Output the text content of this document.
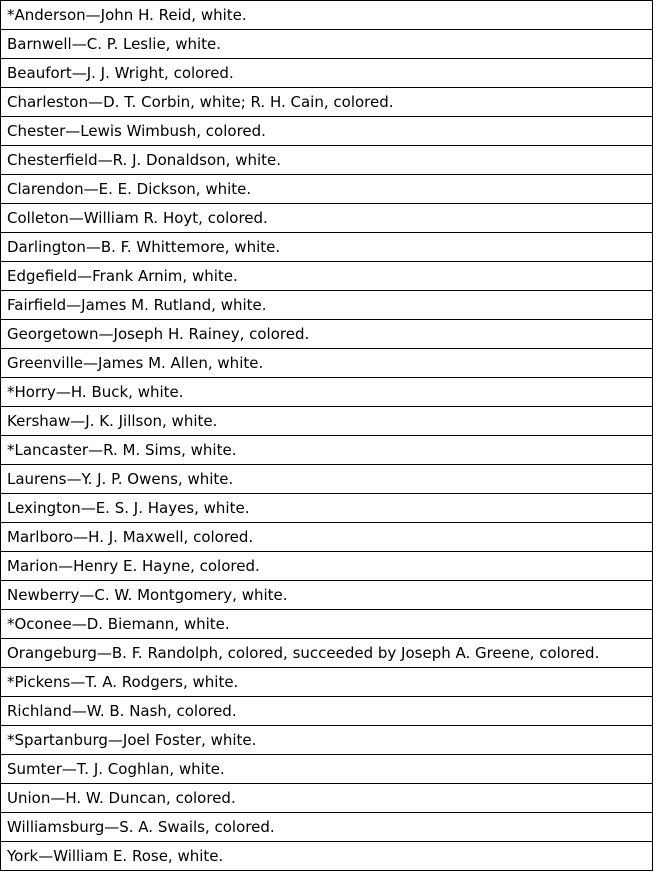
*Anderson—John H. Reid, white.
Barnwell—C. P. Leslie, white.
Beaufort—J. J. Wright, colored.
Charleston—D. T. Corbin, white; R. H. Cain, colored.
Chester—Lewis Wimbush, colored.
Chesterfield—R. J. Donaldson, white.
Clarendon—E. E. Dickson, white.
Colleton—William R. Hoyt, colored.
Darlington—B. F. Whittemore, white.
Edgefield—Frank Arnim, white.
Fairfield—James M. Rutland, white.
Georgetown—Joseph H. Rainey, colored.
Greenville—James M. Allen, white.
*Horry—H. Buck, white.
Kershaw—J. K. Jillson, white.
*Lancaster—R. M. Sims, white.
Laurens—Y. J. P. Owens, white.
Lexington—E. S. J. Hayes, white.
Marlboro—H. J. Maxwell, colored.
Marion—Henry E. Hayne, colored.
Newberry—C. W. Montgomery, white.
*Oconee—D. Biemann, white.
Orangeburg—B. F. Randolph, colored, succeeded by Joseph A. Greene, colored.
*Pickens—T. A. Rodgers, white.
Richland—W. B. Nash, colored.
*Spartanburg—Joel Foster, white.
Sumter—T. J. Coghlan, white.
Union—H. W. Duncan, colored.
Williamsburg—S. A. Swails, colored.
York—William E. Rose, white.
